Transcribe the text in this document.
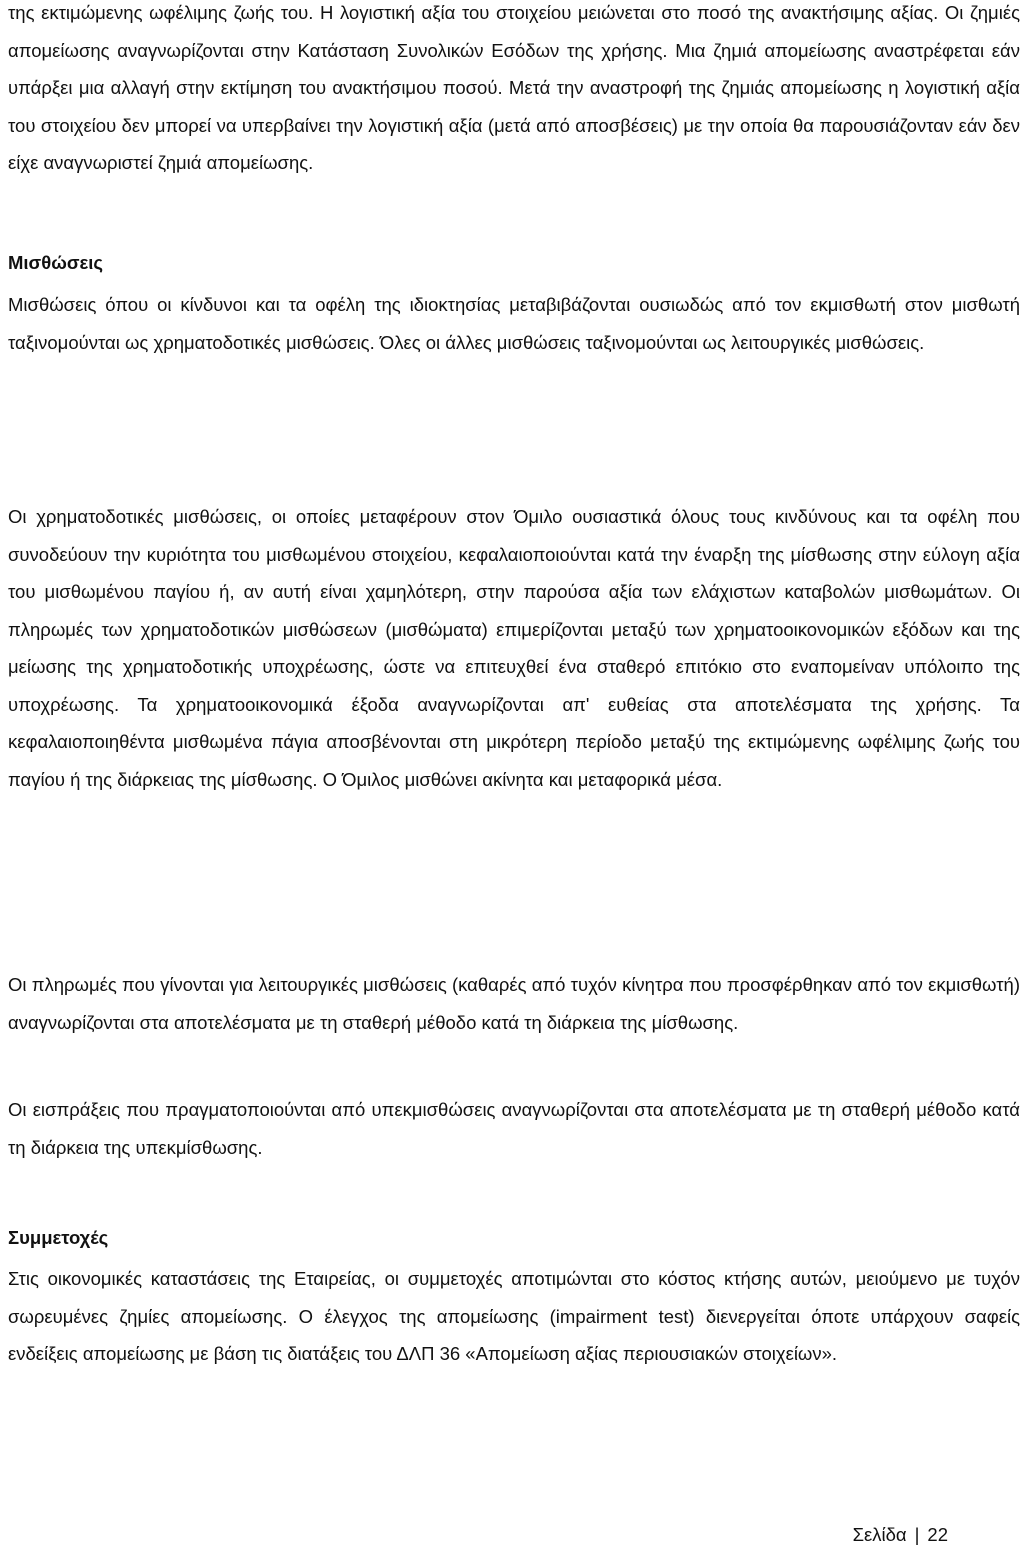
της εκτιμώμενης ωφέλιμης ζωής του. Η λογιστική αξία του στοιχείου μειώνεται στο ποσό της ανακτήσιμης αξίας. Οι ζημιές απομείωσης αναγνωρίζονται στην Κατάσταση Συνολικών Εσόδων της χρήσης. Μια ζημιά απομείωσης αναστρέφεται εάν υπάρξει μια αλλαγή στην εκτίμηση του ανακτήσιμου ποσού. Μετά την αναστροφή της ζημιάς απομείωσης η λογιστική αξία του στοιχείου δεν μπορεί να υπερβαίνει την λογιστική αξία (μετά από αποσβέσεις) με την οποία θα παρουσιάζονταν εάν δεν είχε αναγνωριστεί ζημιά απομείωσης.

Μισθώσεις

Μισθώσεις όπου οι κίνδυνοι και τα οφέλη της ιδιοκτησίας μεταβιβάζονται ουσιωδώς από τον εκμισθωτή στον μισθωτή ταξινομούνται ως χρηματοδοτικές μισθώσεις. Όλες οι άλλες μισθώσεις ταξινομούνται ως λειτουργικές μισθώσεις.

Οι χρηματοδοτικές μισθώσεις, οι οποίες μεταφέρουν στον Όμιλο ουσιαστικά όλους τους κινδύνους και τα οφέλη που συνοδεύουν την κυριότητα του μισθωμένου στοιχείου, κεφαλαιοποιούνται κατά την έναρξη της μίσθωσης στην εύλογη αξία του μισθωμένου παγίου ή, αν αυτή είναι χαμηλότερη, στην παρούσα αξία των ελάχιστων καταβολών μισθωμάτων. Οι πληρωμές των χρηματοδοτικών μισθώσεων (μισθώματα) επιμερίζονται μεταξύ των χρηματοοικονομικών εξόδων και της μείωσης της χρηματοδοτικής υποχρέωσης, ώστε να επιτευχθεί ένα σταθερό επιτόκιο στο εναπομείναν υπόλοιπο της υποχρέωσης. Τα χρηματοοικονομικά έξοδα αναγνωρίζονται απ' ευθείας στα αποτελέσματα της χρήσης. Τα κεφαλαιοποιηθέντα μισθωμένα πάγια αποσβένονται στη μικρότερη περίοδο μεταξύ της εκτιμώμενης ωφέλιμης ζωής του παγίου ή της διάρκειας της μίσθωσης. Ο Όμιλος μισθώνει ακίνητα και μεταφορικά μέσα.

Οι πληρωμές που γίνονται για λειτουργικές μισθώσεις (καθαρές από τυχόν κίνητρα που προσφέρθηκαν από τον εκμισθωτή) αναγνωρίζονται στα αποτελέσματα με τη σταθερή μέθοδο κατά τη διάρκεια της μίσθωσης.

Οι εισπράξεις που πραγματοποιούνται από υπεκμισθώσεις αναγνωρίζονται στα αποτελέσματα με τη σταθερή μέθοδο κατά τη διάρκεια της υπεκμίσθωσης.

Συμμετοχές

Στις οικονομικές καταστάσεις της Εταιρείας, οι συμμετοχές αποτιμώνται στο κόστος κτήσης αυτών, μειούμενο με τυχόν σωρευμένες ζημίες απομείωσης. Ο έλεγχος της απομείωσης (impairment test) διενεργείται όποτε υπάρχουν σαφείς ενδείξεις απομείωσης με βάση τις διατάξεις του ΔΛΠ 36 «Απομείωση αξίας περιουσιακών στοιχείων».

Σελίδα | 22
